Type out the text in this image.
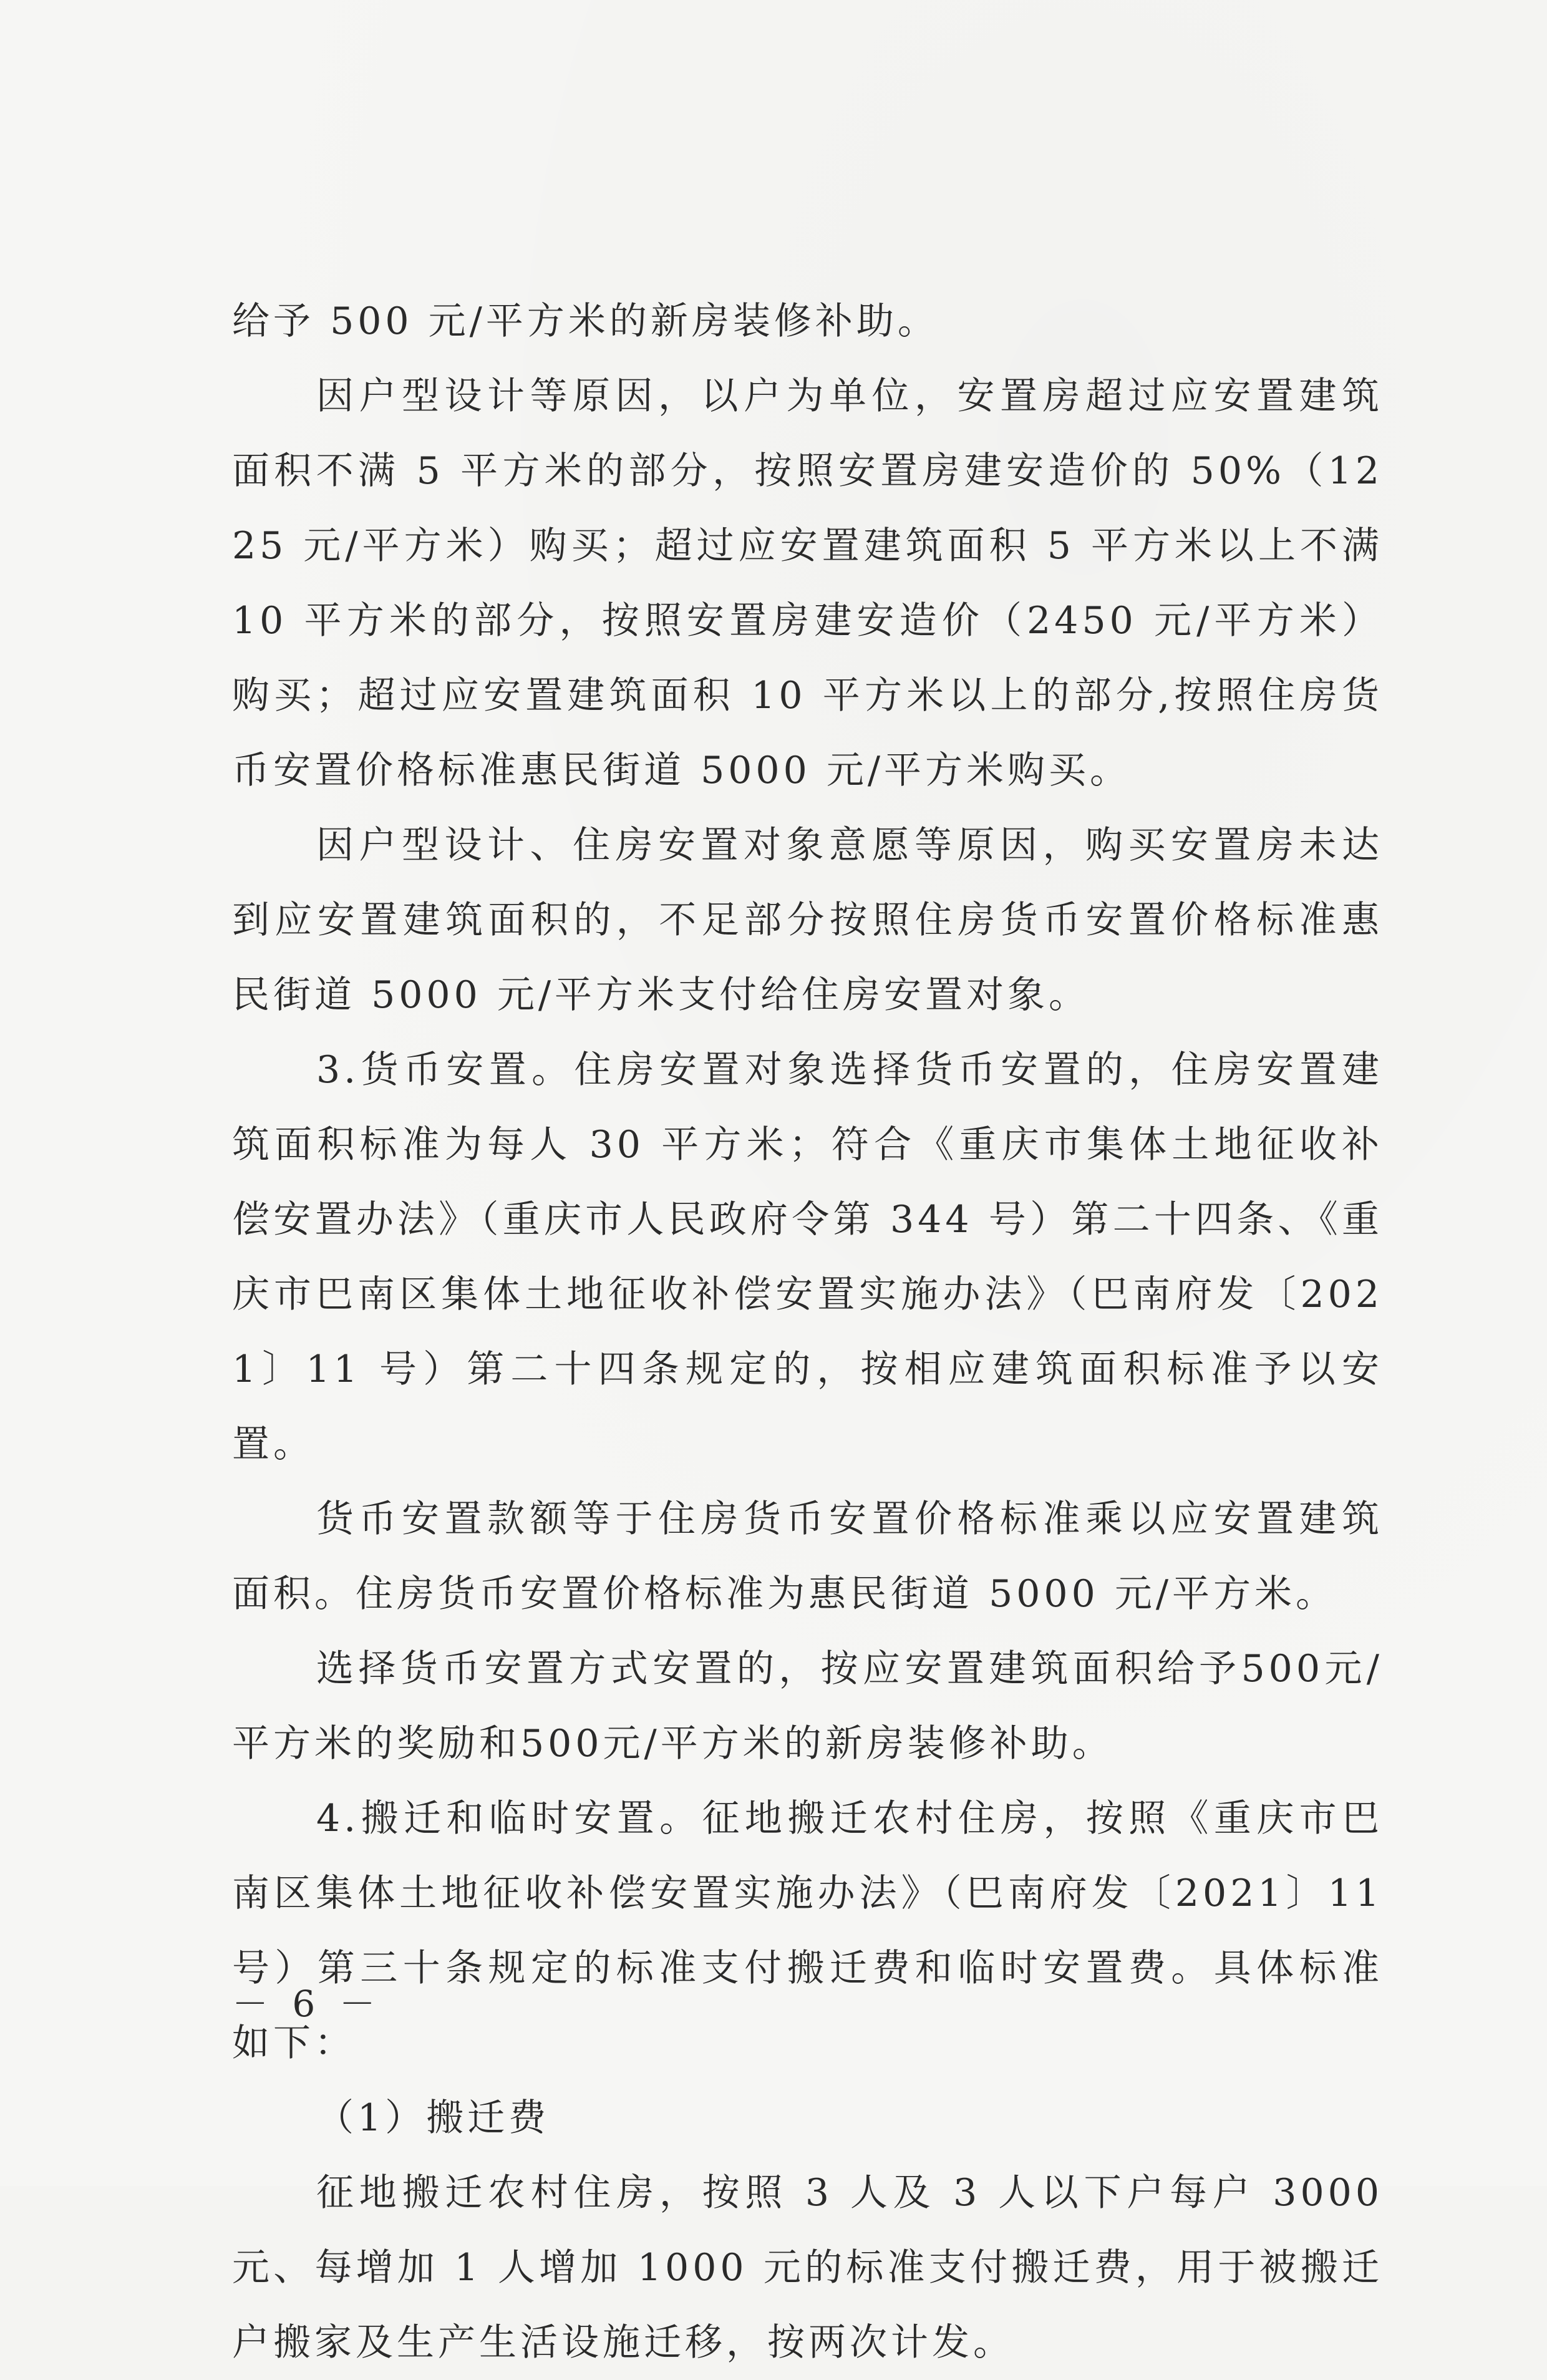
给予 500 元/平方米的新房装修补助。

因户型设计等原因，以户为单位，安置房超过应安置建筑面积不满 5 平方米的部分，按照安置房建安造价的 50%（1225 元/平方米）购买；超过应安置建筑面积 5 平方米以上不满 10 平方米的部分，按照安置房建安造价（2450 元/平方米）购买；超过应安置建筑面积 10 平方米以上的部分,按照住房货币安置价格标准惠民街道 5000 元/平方米购买。

因户型设计、住房安置对象意愿等原因，购买安置房未达到应安置建筑面积的，不足部分按照住房货币安置价格标准惠民街道 5000 元/平方米支付给住房安置对象。

3.货币安置。住房安置对象选择货币安置的，住房安置建筑面积标准为每人 30 平方米；符合《重庆市集体土地征收补偿安置办法》（重庆市人民政府令第 344 号）第二十四条、《重庆市巴南区集体土地征收补偿安置实施办法》（巴南府发〔2021〕11 号）第二十四条规定的，按相应建筑面积标准予以安置。

货币安置款额等于住房货币安置价格标准乘以应安置建筑面积。住房货币安置价格标准为惠民街道 5000 元/平方米。

选择货币安置方式安置的，按应安置建筑面积给予500元/平方米的奖励和500元/平方米的新房装修补助。

4.搬迁和临时安置。征地搬迁农村住房，按照《重庆市巴南区集体土地征收补偿安置实施办法》（巴南府发〔2021〕11 号）第三十条规定的标准支付搬迁费和临时安置费。具体标准如下：

（1）搬迁费

征地搬迁农村住房，按照 3 人及 3 人以下户每户 3000 元、每增加 1 人增加 1000 元的标准支付搬迁费，用于被搬迁户搬家及生产生活设施迁移，按两次计发。

－ 6 －
